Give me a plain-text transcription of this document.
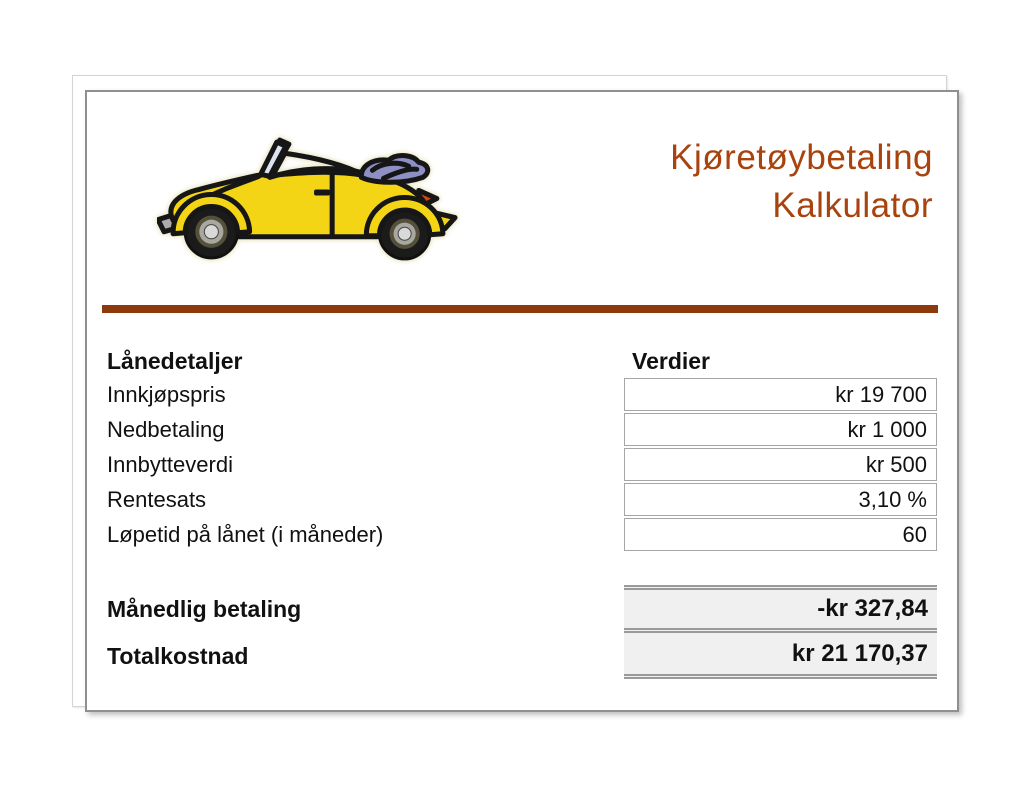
Kjøretøybetaling
Kalkulator
Lånedetaljer	Verdier
Innkjøpspris	kr 19 700
Nedbetaling	kr 1 000
Innbytteverdi	kr 500
Rentesats	3,10 %
Løpetid på lånet (i måneder)	60
Månedlig betaling	-kr 327,84
Totalkostnad	kr 21 170,37
